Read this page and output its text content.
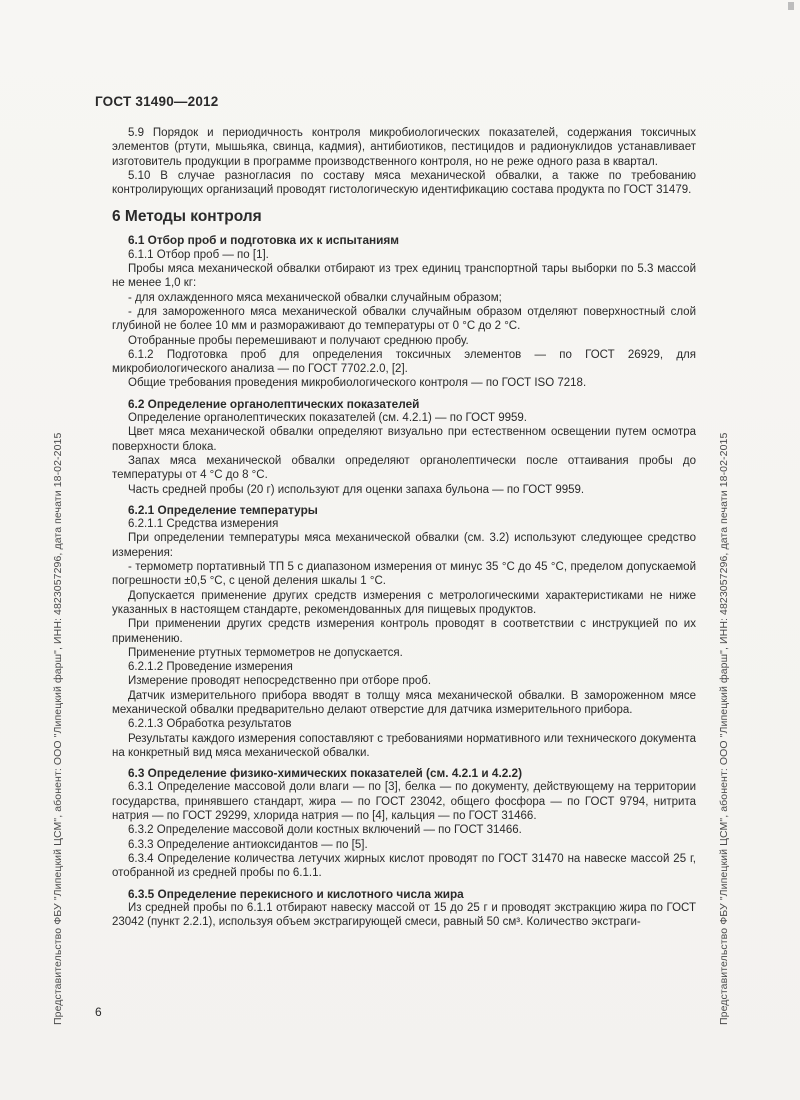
ГОСТ 31490—2012
Представительство ФБУ "Липецкий ЦСМ", абонент: ООО "Липецкий фарш", ИНН: 4823057296, дата печати 18-02-2015	Представительство ФБУ "Липецкий ЦСМ", абонент: ООО "Липецкий фарш", ИНН: 4823057296, дата печати 18-02-2015

5.9 Порядок и периодичность контроля микробиологических показателей, содержания токсичных элементов (ртути, мышьяка, свинца, кадмия), антибиотиков, пестицидов и радионуклидов устанавливает изготовитель продукции в программе производственного контроля, но не реже одного раза в квартал.

5.10 В случае разногласия по составу мяса механической обвалки, а также по требованию контролирующих организаций проводят гистологическую идентификацию состава продукта по ГОСТ 31479.

6 Методы контроля

6.1 Отбор проб и подготовка их к испытаниям

6.1.1 Отбор проб — по [1].

Пробы мяса механической обвалки отбирают из трех единиц транспортной тары выборки по 5.3 массой не менее 1,0 кг:

- для охлажденного мяса механической обвалки случайным образом;

- для замороженного мяса механической обвалки случайным образом отделяют поверхностный слой глубиной не более 10 мм и размораживают до температуры от 0 °С до 2 °С.

Отобранные пробы перемешивают и получают среднюю пробу.

6.1.2 Подготовка проб для определения токсичных элементов — по ГОСТ 26929, для микробиологического анализа — по ГОСТ 7702.2.0, [2].

Общие требования проведения микробиологического контроля — по ГОСТ ISO 7218.

6.2 Определение органолептических показателей

Определение органолептических показателей (см. 4.2.1) — по ГОСТ 9959.

Цвет мяса механической обвалки определяют визуально при естественном освещении путем осмотра поверхности блока.

Запах мяса механической обвалки определяют органолептически после оттаивания пробы до температуры от 4 °С до 8 °С.

Часть средней пробы (20 г) используют для оценки запаха бульона — по ГОСТ 9959.

6.2.1 Определение температуры

6.2.1.1 Средства измерения

При определении температуры мяса механической обвалки (см. 3.2) используют следующее средство измерения:

- термометр портативный ТП 5 с диапазоном измерения от минус 35 °С до 45 °С, пределом допускаемой погрешности ±0,5 °С, с ценой деления шкалы 1 °С.

Допускается применение других средств измерения с метрологическими характеристиками не ниже указанных в настоящем стандарте, рекомендованных для пищевых продуктов.

При применении других средств измерения контроль проводят в соответствии с инструкцией по их применению.

Применение ртутных термометров не допускается.

6.2.1.2 Проведение измерения

Измерение проводят непосредственно при отборе проб.

Датчик измерительного прибора вводят в толщу мяса механической обвалки. В замороженном мясе механической обвалки предварительно делают отверстие для датчика измерительного прибора.

6.2.1.3 Обработка результатов

Результаты каждого измерения сопоставляют с требованиями нормативного или технического документа на конкретный вид мяса механической обвалки.

6.3 Определение физико-химических показателей (см. 4.2.1 и 4.2.2)

6.3.1 Определение массовой доли влаги — по [3], белка — по документу, действующему на территории государства, принявшего стандарт, жира — по ГОСТ 23042, общего фосфора — по ГОСТ 9794, нитрита натрия — по ГОСТ 29299, хлорида натрия — по [4], кальция — по ГОСТ 31466.

6.3.2 Определение массовой доли костных включений — по ГОСТ 31466.

6.3.3 Определение антиоксидантов — по [5].

6.3.4 Определение количества летучих жирных кислот проводят по ГОСТ 31470 на навеске массой 25 г, отобранной из средней пробы по 6.1.1.

6.3.5 Определение перекисного и кислотного числа жира

Из средней пробы по 6.1.1 отбирают навеску массой от 15 до 25 г и проводят экстракцию жира по ГОСТ 23042 (пункт 2.2.1), используя объем экстрагирующей смеси, равный 50 см³. Количество экстраги-

6
